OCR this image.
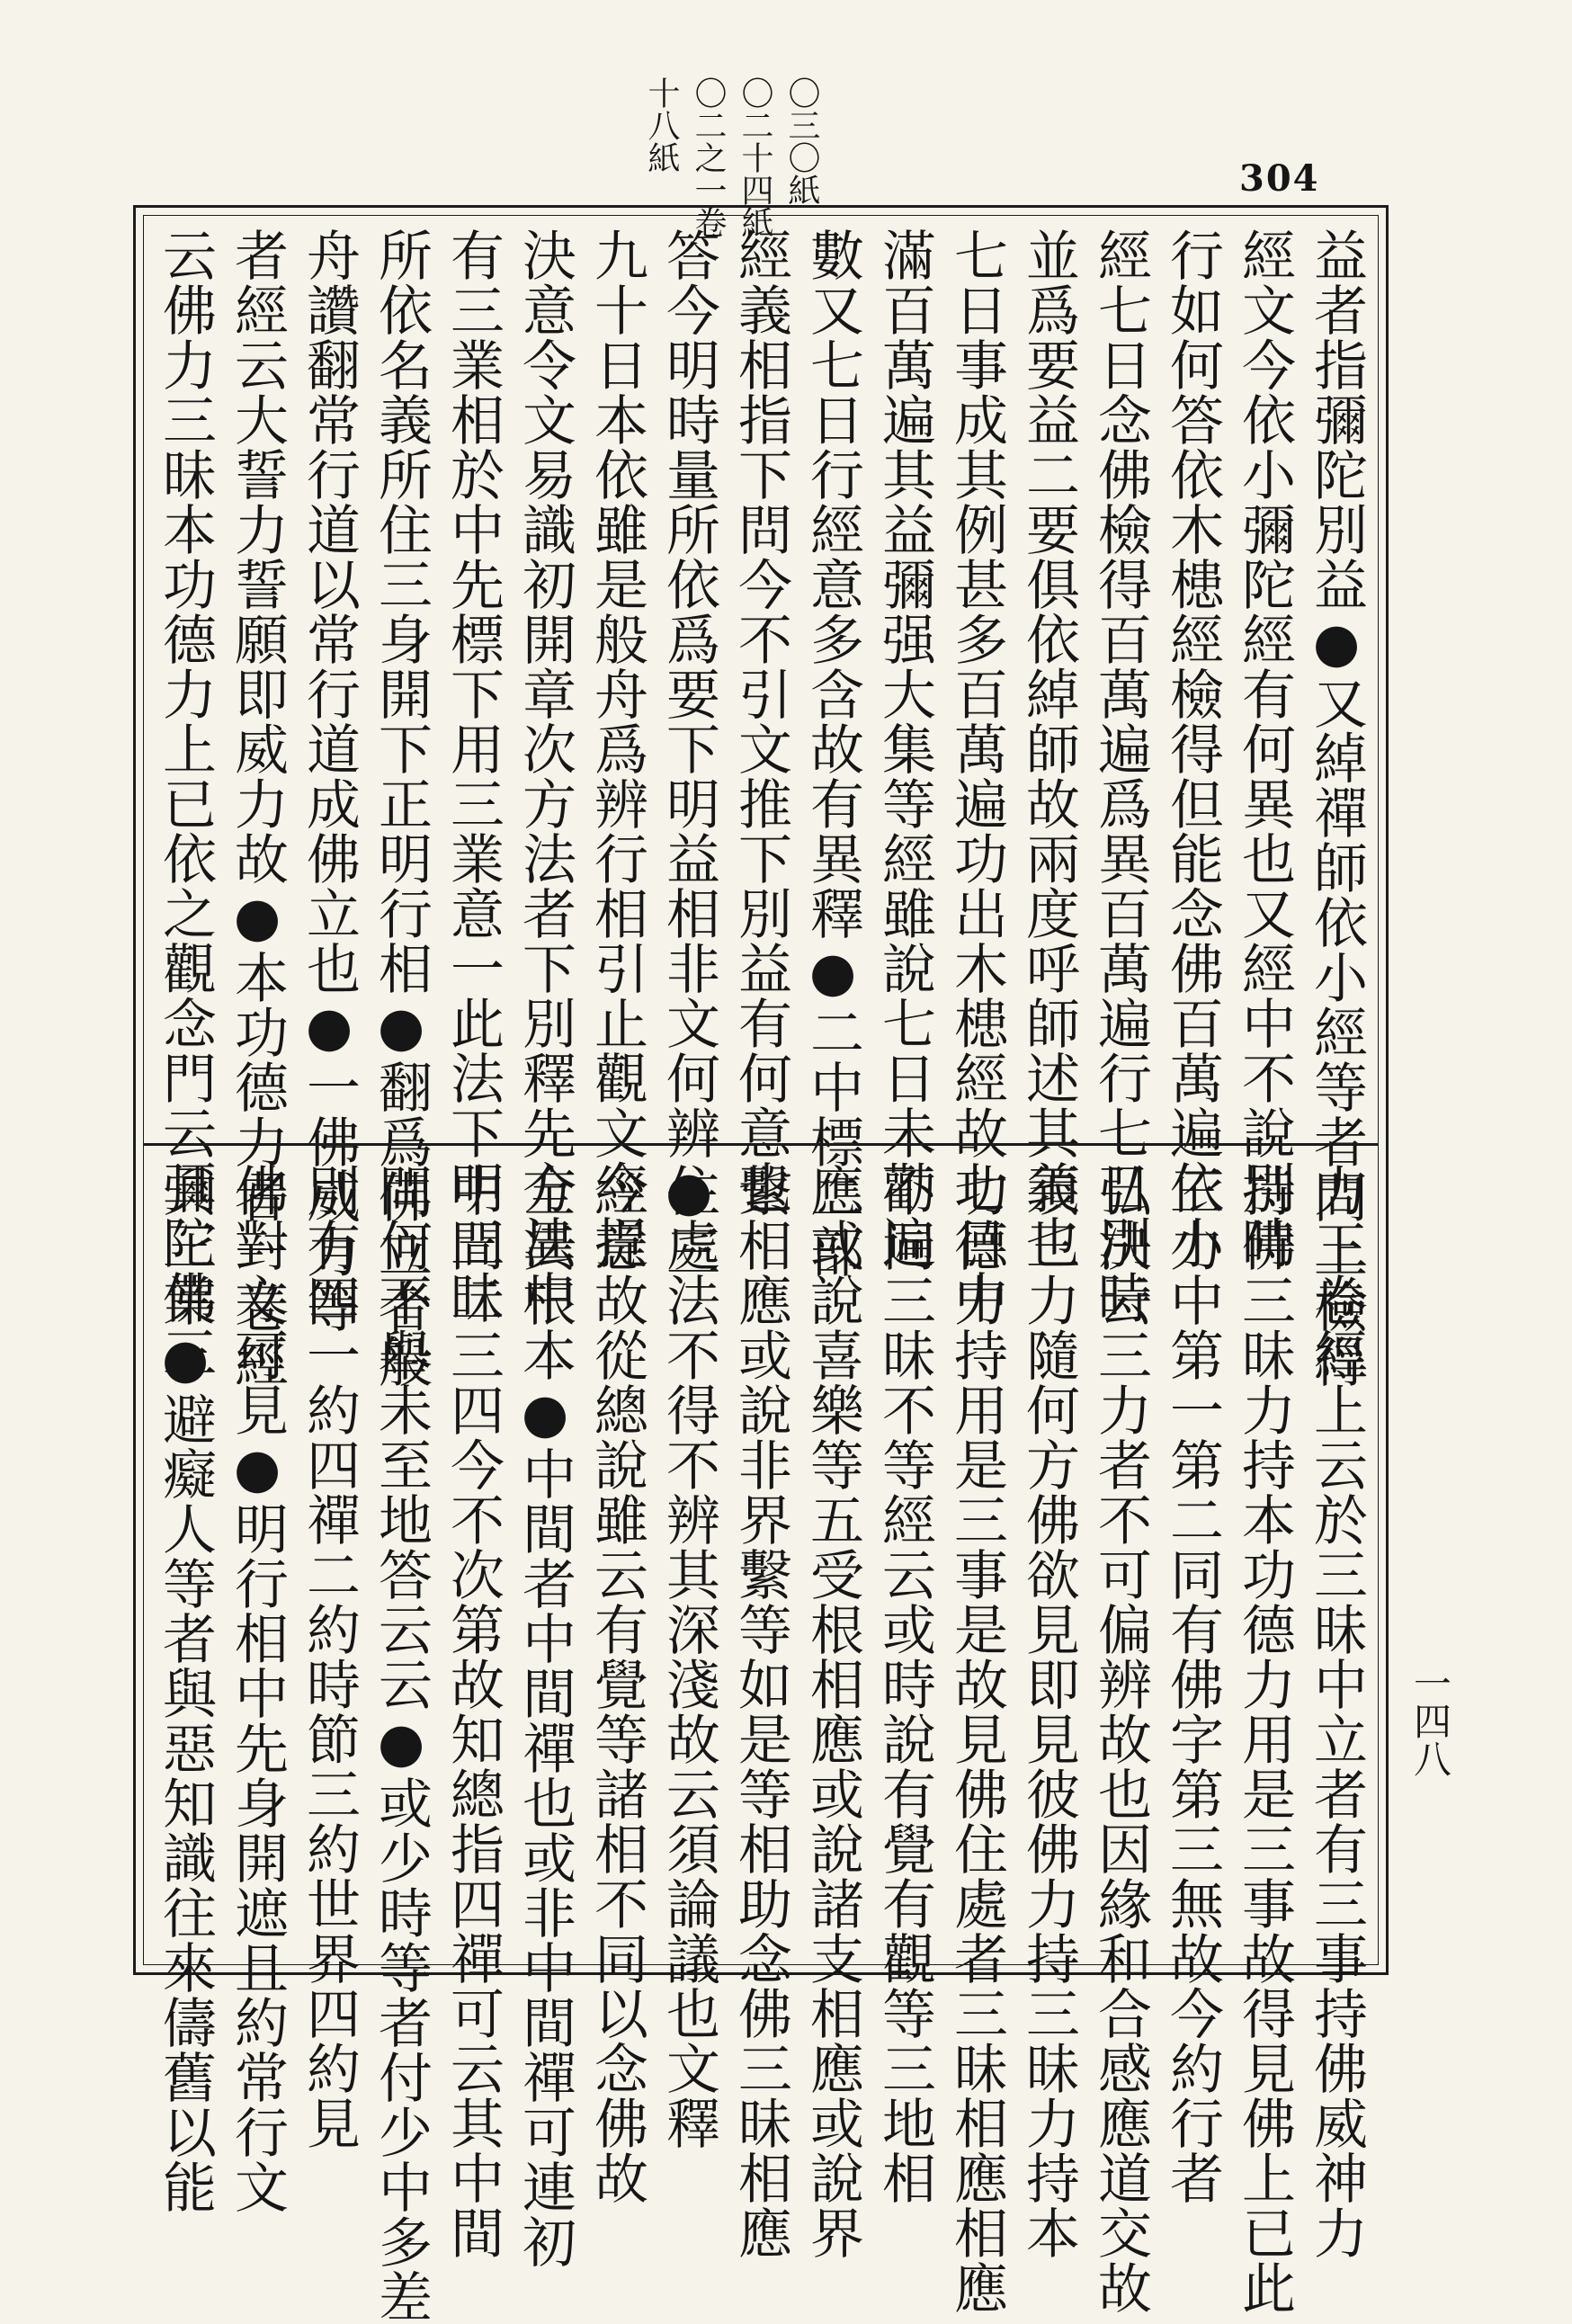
304
〇三〇紙
〇二十四紙
〇二之一卷
十八紙
益者指彌陀別益●又綽禪師依小經等者問上檢得
經文今依小彌陀經有何異也又經中不說別時
行如何答依木槵經檢得但能念佛百萬遍依小
經七日念佛檢得百萬遍爲異百萬遍行七日別時
並爲要益二要俱依綽師故兩度呼師述其義也
七日事成其例甚多百萬遍功出木槵經故七日中
滿百萬遍其益彌强大集等經雖說七日未勸遍
數又七日行經意多含故有異釋●二中標二部
經義相指下問今不引文推下別益有何意也
答今明時量所依爲要下明益相非文何辨●三
九十日本依雖是般舟爲辨行相引止觀文今提
決意令文易識初開章次方法者下別釋先方法中
有三業相於中先標下用三業意一此法下明三昧
所依名義所住三身開下正明行相●翻爲佛立者般
舟讚翻常行道以常行道成佛立也●一佛威力等
者經云大誓力誓願即威力故●本功德力者一卷經
云佛力三昧本功德力上已依之觀念門云彌陀佛三
力三卷經上云於三昧中立者有三事持佛威神力
持佛三昧力持本功德力用是三事故得見佛上已此
三力中第一第二同有佛字第三無故今約行者
弘決云三力者不可偏辨故也因緣和合感應道交故
須三力隨何方佛欲見即見彼佛力持三昧力持本
功德力持用是三事是故見佛住處者三昧相應相應
不同三昧不等經云或時說有覺有觀等三地相
應或說喜樂等五受根相應或說諸支相應或說界
繫相應或說非界繫等如是等相助念佛三昧相應
住處法不得不辨其深淺故云須論議也文釋
經意故從總說雖云有覺等諸相不同以念佛故
全異根本●中間者中間禪也或非中間禪可連初
中間二三四今不次第故知總指四禪可云其中間
問何不舉未至地答云云●或少時等者付少中多差
別有四一約四禪二約時節三約世界四約見
佛對文可見●明行相中先身開遮且約常行文
具三業●避癡人等者與惡知識往來儔舊以能	一四八
